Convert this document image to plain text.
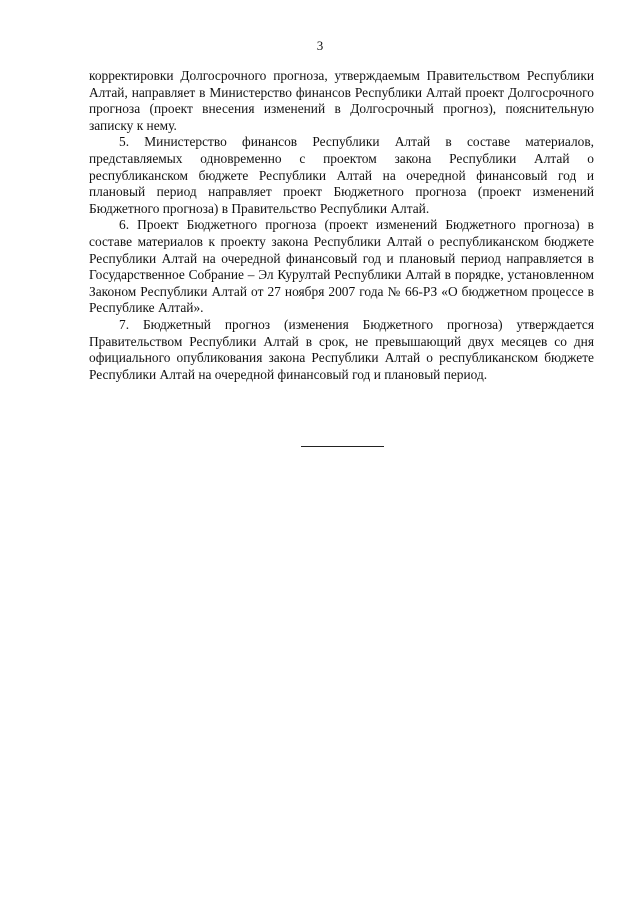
3

корректировки Долгосрочного прогноза, утверждаемым Правительством Республики Алтай, направляет в Министерство финансов Республики Алтай проект Долгосрочного прогноза (проект внесения изменений в Долгосрочный прогноз), пояснительную записку к нему.

5. Министерство финансов Республики Алтай в составе материалов, представляемых одновременно с проектом закона Республики Алтай о республиканском бюджете Республики Алтай на очередной финансовый год и плановый период направляет проект Бюджетного прогноза (проект изменений Бюджетного прогноза) в Правительство Республики Алтай.

6. Проект Бюджетного прогноза (проект изменений Бюджетного прогноза) в составе материалов к проекту закона Республики Алтай о республиканском бюджете Республики Алтай на очередной финансовый год и плановый период направляется в Государственное Собрание – Эл Курултай Республики Алтай в порядке, установленном Законом Республики Алтай от 27 ноября 2007 года № 66-РЗ «О бюджетном процессе в Республике Алтай».

7. Бюджетный прогноз (изменения Бюджетного прогноза) утверждается Правительством Республики Алтай в срок, не превышающий двух месяцев со дня официального опубликования закона Республики Алтай о республиканском бюджете Республики Алтай на очередной финансовый год и плановый период.
